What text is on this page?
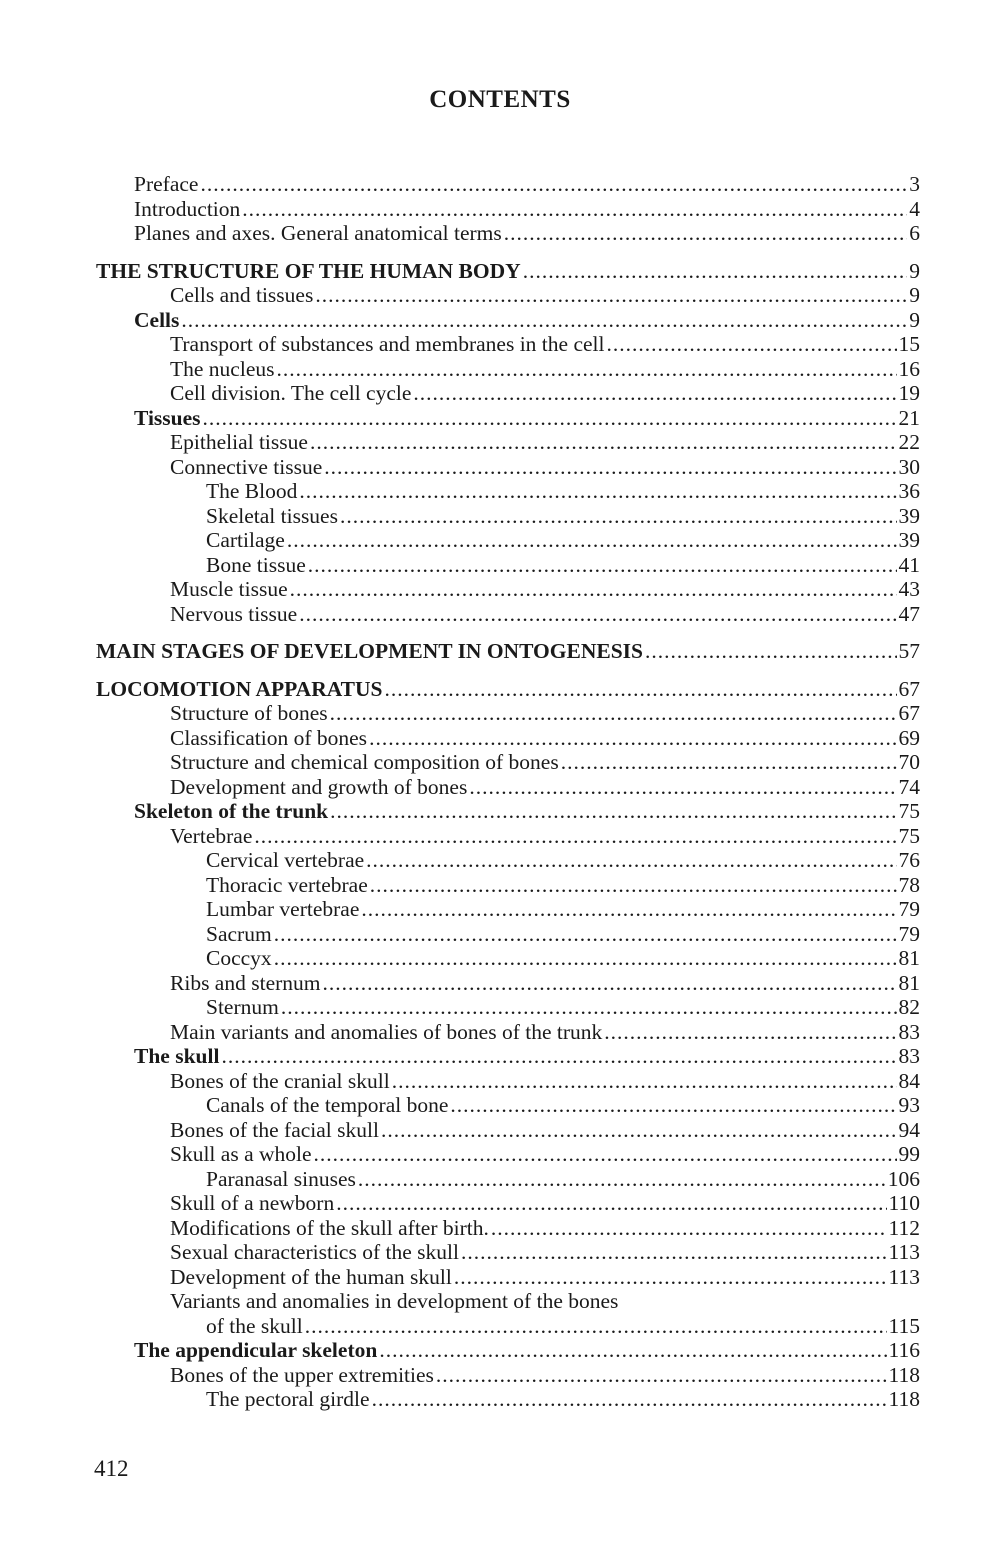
CONTENTS
Preface .....	3
Introduction .....	4
Planes and axes. General anatomical terms .....	6
THE STRUCTURE OF THE HUMAN BODY .....	9
Cells and tissues .....	9
Cells .....	9
Transport of substances and membranes in the cell .....	15
The nucleus .....	16
Cell division. The cell cycle .....	19
Tissues .....	21
Epithelial tissue .....	22
Connective tissue .....	30
The Blood .....	36
Skeletal tissues .....	39
Cartilage .....	39
Bone tissue .....	41
Muscle tissue .....	43
Nervous tissue .....	47
MAIN STAGES OF DEVELOPMENT IN ONTOGENESIS .....	57
LOCOMOTION APPARATUS .....	67
Structure of bones .....	67
Classification of bones .....	69
Structure and chemical composition of bones .....	70
Development and growth of bones .....	74
Skeleton of the trunk .....	75
Vertebrae .....	75
Cervical vertebrae .....	76
Thoracic vertebrae .....	78
Lumbar vertebrae .....	79
Sacrum .....	79
Coccyx .....	81
Ribs and sternum .....	81
Sternum .....	82
Main variants and anomalies of bones of the trunk .....	83
The skull .....	83
Bones of the cranial skull .....	84
Canals of the temporal bone .....	93
Bones of the facial skull .....	94
Skull as a whole .....	99
Paranasal sinuses .....	106
Skull of a newborn .....	110
Modifications of the skull after birth. .....	112
Sexual characteristics of the skull .....	113
Development of the human skull .....	113
Variants and anomalies in development of the bones
of the skull .....	115
The appendicular skeleton .....	116
Bones of the upper extremities .....	118
The pectoral girdle .....	118
412
